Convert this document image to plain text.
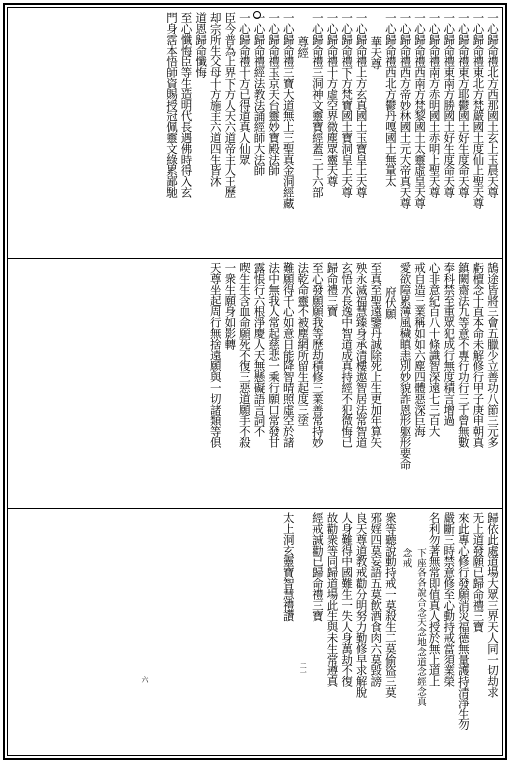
一心歸命禮北方西那國土玄上玉晨天尊
一心歸命禮東北方梵嚴國土度仙上聖天尊
一心歸命禮東方耶鬱國土好生度命天尊
一心歸命禮東南方勝國土好生度命天尊
一心歸命禮南方赤明國土赤明上聖天尊
一心歸命禮西南方梵黎國土太靈虛皇天尊
一心歸命禮西方帝妙林國土元大帝真天尊
一心歸命禮西北方鬱丹嘎國土無量太
華天尊
一心歸命禮上方玄真國土玉寶皇上天尊
一心歸命禮下方梵寶國土寶洞皇上天尊
一心歸命禮十方虛空界微塵眾靈天尊
一心歸命禮三洞神文靈寶經蓋三十六部
尊經
一心歸命禮三寶大道無上三聖真金洞經藏
一心歸命禮玉京天台靈妙寶殿法師
一心歸命禮經法教法誦經師大法師
一心歸命禮十方已得道真人仙眾
臣今普為上界下方人天六道帝主人王歷
却宗所生父母十方施主六道四生皆沐
道恩歸命懺悔
至心懺悔臣等生造明代長遇佛時得入玄
門身霑本悟師資賜授冠佩靈文綠累鄙馳
鵠途皆將三會五臘少立善功八節三元多
虧檀念十直本命未解修行甲子庚申朝真
鎮闕齋法九等意不專行功行三千曾無數
奉科禁至重眾犯成行無度積言增過
心非意紀百八十條識智深遠七三百大
戒自造三業稱如如六塵四體惡深巨海
愛欲障累薄風穢瞋恚別妙貌詐恩形躯形要命
府伏願
至真至聖遠鑒丹誠除死上生更加年算矢
殃永滅福慧臻身承清樓遨智居法常智道
玄悟水長逸中智道成真持經不犯微悔已
歸命禮三寶
至心發願願我等歷劫積修三業善常持妙
法乾命靈不被塵網所留生起度三塗
難願得千心如意日能降智晴照虛空於諸
法中無我人常起慈悲一乘行願口常發甘
露悵行六根淨慶人天無懸礙語言詞不
喫生生含血命願死不復三惡道願手不殺
一衆生願身如影轉
天尊坐起周行無捨遠願與一切諸類等倶
歸依此處道場大眾三界天人同一切劫求
无上道發願已歸命禮三寶
來此專心修行發願消災福德無量護持清淨生勿
嚴斷三時禁意修至心動持戒當須業榮
名利勿著無常即值真人授於無上道上
下座各各說合念天念地念道念經念真
念戒
衆等聽說動持戒一莫殺生二莫偷盜三莫
邪婬四莫妄語五莫飲酒食肉六莫毀謗
良天尊道教戒勸分明努力勤修早求解脫
人身難得中國難生一失人身萬劫不復
故勸衆等同歸道場此生與未生常遵真
經戒誠勸已歸命禮三寶
二一
太上洞玄靈寶智慧禮讚
六
